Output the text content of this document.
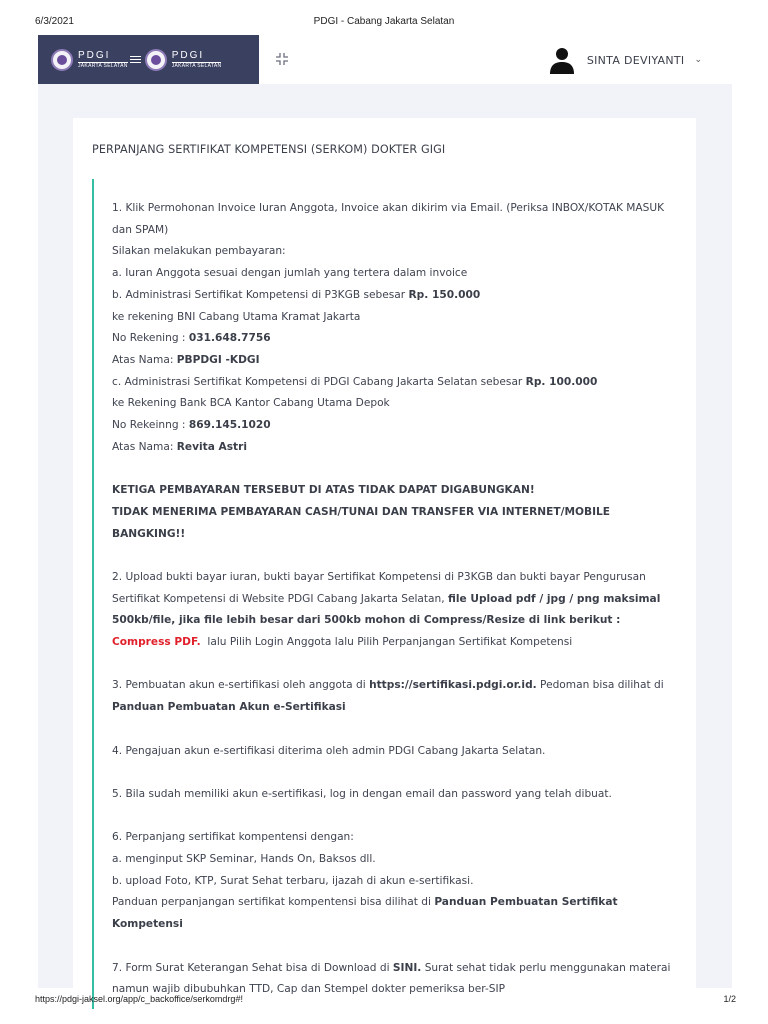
6/3/2021	PDGI - Cabang Jakarta Selatan
PDGI
JAKARTA SELATAN
PDGI
JAKARTA SELATAN	SINTA DEVIYANTI ⌄
PERPANJANG SERTIFIKAT KOMPETENSI (SERKOM) DOKTER GIGI

1. Klik Permohonan Invoice Iuran Anggota, Invoice akan dikirim via Email. (Periksa INBOX/KOTAK MASUK dan SPAM)

Silakan melakukan pembayaran:

a. Iuran Anggota sesuai dengan jumlah yang tertera dalam invoice

b. Administrasi Sertifikat Kompetensi di P3KGB sebesar Rp. 150.000

ke rekening BNI Cabang Utama Kramat Jakarta

No Rekening : 031.648.7756

Atas Nama: PBPDGI -KDGI

c. Administrasi Sertifikat Kompetensi di PDGI Cabang Jakarta Selatan sebesar Rp. 100.000

ke Rekening Bank BCA Kantor Cabang Utama Depok

No Rekeinng : 869.145.1020

Atas Nama: Revita Astri

KETIGA PEMBAYARAN TERSEBUT DI ATAS TIDAK DAPAT DIGABUNGKAN!

TIDAK MENERIMA PEMBAYARAN CASH/TUNAI DAN TRANSFER VIA INTERNET/MOBILE BANGKING!!

2. Upload bukti bayar iuran, bukti bayar Sertifikat Kompetensi di P3KGB dan bukti bayar Pengurusan Sertifikat Kompetensi di Website PDGI Cabang Jakarta Selatan, file Upload pdf / jpg / png maksimal 500kb/file, jika file lebih besar dari 500kb mohon di Compress/Resize di link berikut : Compress PDF. lalu Pilih Login Anggota lalu Pilih Perpanjangan Sertifikat Kompetensi

3. Pembuatan akun e-sertifikasi oleh anggota di https://sertifikasi.pdgi.or.id. Pedoman bisa dilihat di Panduan Pembuatan Akun e-Sertifikasi

4. Pengajuan akun e-sertifikasi diterima oleh admin PDGI Cabang Jakarta Selatan.

5. Bila sudah memiliki akun e-sertifikasi, log in dengan email dan password yang telah dibuat.

6. Perpanjang sertifikat kompentensi dengan:

a. menginput SKP Seminar, Hands On, Baksos dll.

b. upload Foto, KTP, Surat Sehat terbaru, ijazah di akun e-sertifikasi.

Panduan perpanjangan sertifikat kompentensi bisa dilihat di Panduan Pembuatan Sertifikat Kompetensi

7. Form Surat Keterangan Sehat bisa di Download di SINI. Surat sehat tidak perlu menggunakan materai namun wajib dibubuhkan TTD, Cap dan Stempel dokter pemeriksa ber-SIP

https://pdgi-jaksel.org/app/c_backoffice/serkomdrg#!	1/2
